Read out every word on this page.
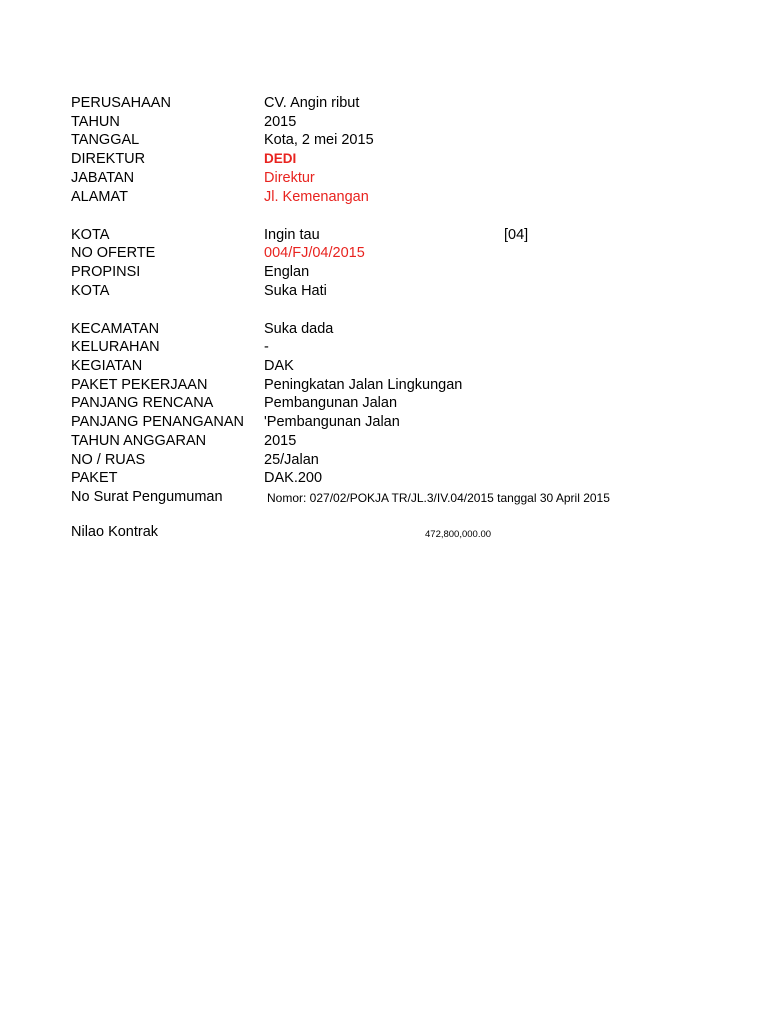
PERUSAHAAN	CV. Angin ribut
TAHUN	2015
TANGGAL	Kota, 2 mei 2015
DIREKTUR	DEDI
JABATAN	Direktur
ALAMAT	Jl. Kemenangan
KOTA	Ingin tau	[04]
NO OFERTE	004/FJ/04/2015
PROPINSI	Englan
KOTA	Suka Hati
KECAMATAN	Suka dada
KELURAHAN	-
KEGIATAN	DAK
PAKET PEKERJAAN	Peningkatan Jalan Lingkungan
PANJANG RENCANA	Pembangunan Jalan
PANJANG PENANGANAN 'Pembangunan Jalan
TAHUN ANGGARAN	2015
NO / RUAS	25/Jalan
PAKET	DAK.200
No Surat Pengumuman	Nomor: 027/02/POKJA TR/JL.3/IV.04/2015 tanggal 30 April 2015
Nilao Kontrak	472,800,000.00
